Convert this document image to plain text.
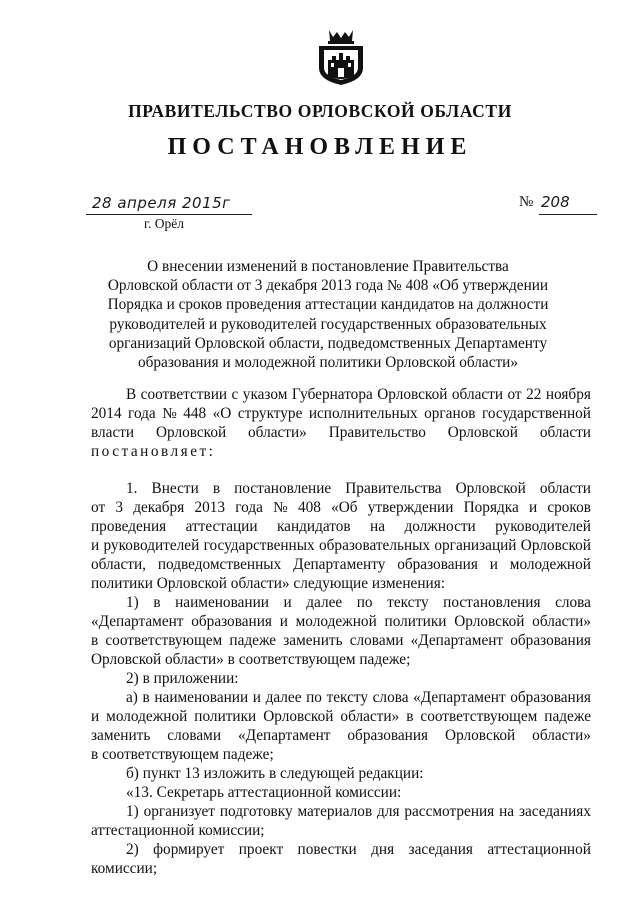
ПРАВИТЕЛЬСТВО ОРЛОВСКОЙ ОБЛАСТИ
ПОСТАНОВЛЕНИЕ
28 апреля 2015г
г. Орёл
№ 208
О внесении изменений в постановление Правительства
Орловской области от 3 декабря 2013 года № 408 «Об утверждении
Порядка и сроков проведения аттестации кандидатов на должности
руководителей и руководителей государственных образовательных
организаций Орловской области, подведомственных Департаменту
образования и молодежной политики Орловской области»
В соответствии с указом Губернатора Орловской области от 22 ноября
2014 года № 448 «О структуре исполнительных органов государственной
власти Орловской области» Правительство Орловской области
постановляет:
1. Внести в постановление Правительства Орловской области
от 3 декабря 2013 года № 408 «Об утверждении Порядка и сроков
проведения аттестации кандидатов на должности руководителей
и руководителей государственных образовательных организаций Орловской
области, подведомственных Департаменту образования и молодежной
политики Орловской области» следующие изменения:
1) в наименовании и далее по тексту постановления слова
«Департамент образования и молодежной политики Орловской области»
в соответствующем падеже заменить словами «Департамент образования
Орловской области» в соответствующем падеже;
2) в приложении:
а) в наименовании и далее по тексту слова «Департамент образования
и молодежной политики Орловской области» в соответствующем падеже
заменить словами «Департамент образования Орловской области»
в соответствующем падеже;
б) пункт 13 изложить в следующей редакции:
«13. Секретарь аттестационной комиссии:
1) организует подготовку материалов для рассмотрения на заседаниях
аттестационной комиссии;
2) формирует проект повестки дня заседания аттестационной
комиссии;
